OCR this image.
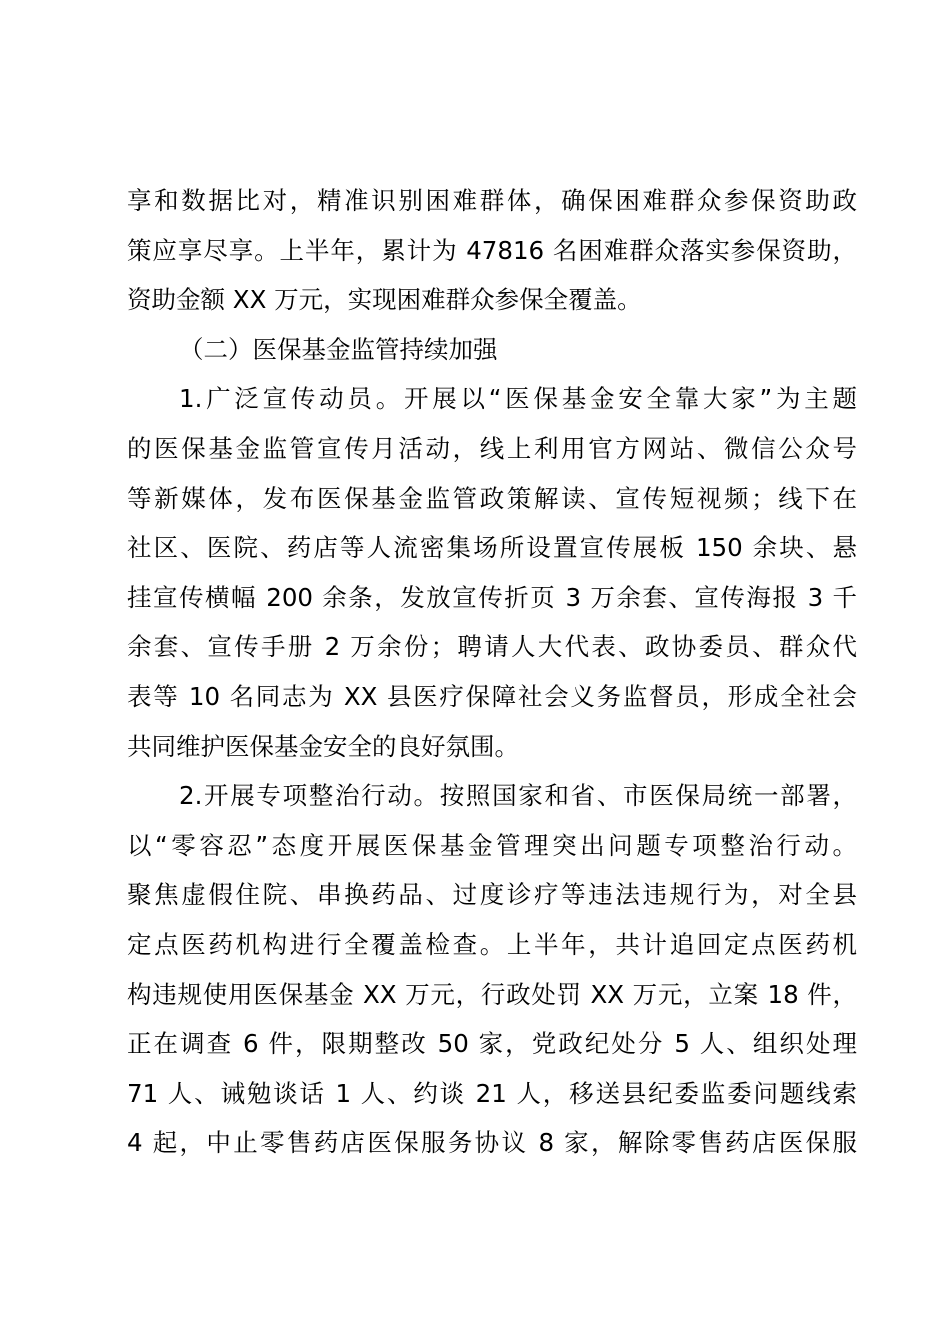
享和数据比对，精准识别困难群体，确保困难群众参保资助政
策应享尽享。上半年，累计为 47816 名困难群众落实参保资助，
资助金额 XX 万元，实现困难群众参保全覆盖。
（二）医保基金监管持续加强
1.广泛宣传动员。开展以“医保基金安全靠大家”为主题
的医保基金监管宣传月活动，线上利用官方网站、微信公众号
等新媒体，发布医保基金监管政策解读、宣传短视频；线下在
社区、医院、药店等人流密集场所设置宣传展板 150 余块、悬
挂宣传横幅 200 余条，发放宣传折页 3 万余套、宣传海报 3 千
余套、宣传手册 2 万余份；聘请人大代表、政协委员、群众代
表等 10 名同志为 XX 县医疗保障社会义务监督员，形成全社会
共同维护医保基金安全的良好氛围。
2.开展专项整治行动。按照国家和省、市医保局统一部署，
以“零容忍”态度开展医保基金管理突出问题专项整治行动。
聚焦虚假住院、串换药品、过度诊疗等违法违规行为，对全县
定点医药机构进行全覆盖检查。上半年，共计追回定点医药机
构违规使用医保基金 XX 万元，行政处罚 XX 万元，立案 18 件，
正在调查 6 件，限期整改 50 家，党政纪处分 5 人、组织处理
71 人、诫勉谈话 1 人、约谈 21 人，移送县纪委监委问题线索
4 起，中止零售药店医保服务协议 8 家，解除零售药店医保服
